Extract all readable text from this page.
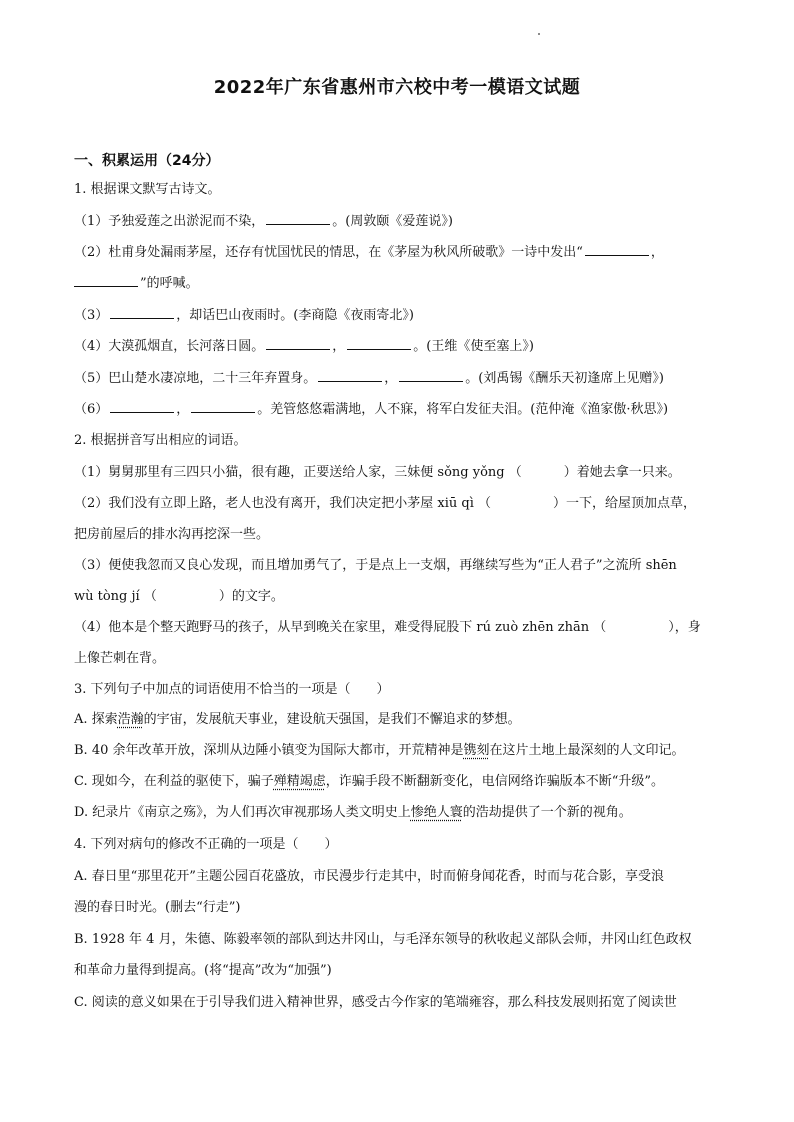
2022年广东省惠州市六校中考一模语文试题
一、积累运用（24分）
1. 根据课文默写古诗文。
（1）予独爱莲之出淤泥而不染，	。(周敦颐《爱莲说》)
（2）杜甫身处漏雨茅屋，还存有忧国忧民的情思，在《茅屋为秋风所破歌》一诗中发出“	，
”的呼喊。
（3）	，却话巴山夜雨时。(李商隐《夜雨寄北》)
（4）大漠孤烟直，长河落日圆。	，	。(王维《使至塞上》)
（5）巴山楚水凄凉地，二十三年弃置身。	，	。(刘禹锡《酬乐天初逢席上见赠》)
（6）	，	。羌管悠悠霜满地，人不寐，将军白发征夫泪。(范仲淹《渔家傲·秋思》)
2. 根据拼音写出相应的词语。
（1）舅舅那里有三四只小猫，很有趣，正要送给人家，三妹便 sǒng yǒng （	）着她去拿一只来。
（2）我们没有立即上路，老人也没有离开，我们决定把小茅屋 xiū qì （	）一下，给屋顶加点草，
把房前屋后的排水沟再挖深一些。
（3）便使我忽而又良心发现，而且增加勇气了，于是点上一支烟，再继续写些为“正人君子”之流所 shēn
wù tòng jí （	）的文字。
（4）他本是个整天跑野马的孩子，从早到晚关在家里，难受得屁股下 rú zuò zhēn zhān （	），身
上像芒刺在背。
3. 下列句子中加点的词语使用不恰当的一项是（　　）
A. 探索浩瀚的宇宙，发展航天事业，建设航天强国，是我们不懈追求的梦想。
B. 40 余年改革开放，深圳从边陲小镇变为国际大都市，开荒精神是镌刻在这片土地上最深刻的人文印记。
C. 现如今，在利益的驱使下，骗子殚精竭虑，诈骗手段不断翻新变化，电信网络诈骗版本不断“升级”。
D. 纪录片《南京之殇》，为人们再次审视那场人类文明史上惨绝人寰的浩劫提供了一个新的视角。
4. 下列对病句的修改不正确的一项是（　　）
A. 春日里“那里花开”主题公园百花盛放，市民漫步行走其中，时而俯身闻花香，时而与花合影，享受浪
漫的春日时光。(删去“行走”)
B. 1928 年 4 月，朱德、陈毅率领的部队到达井冈山，与毛泽东领导的秋收起义部队会师，井冈山红色政权
和革命力量得到提高。(将“提高”改为“加强”)
C. 阅读的意义如果在于引导我们进入精神世界，感受古今作家的笔端雍容，那么科技发展则拓宽了阅读世
